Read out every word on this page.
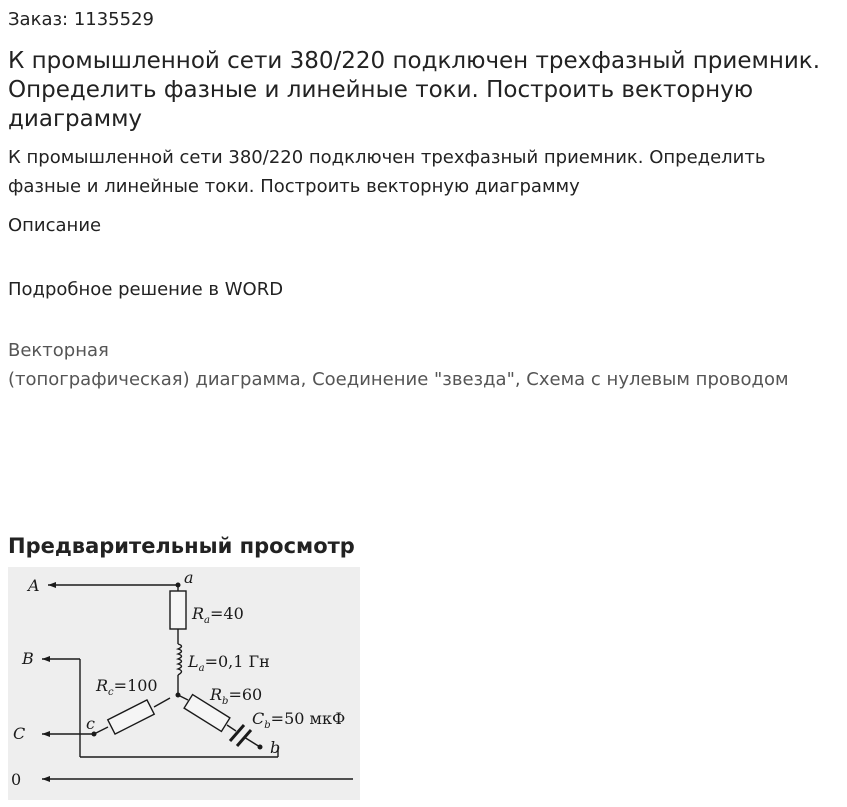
Заказ: 1135529
К промышленной сети 380/220 подключен трехфазный приемник. Определить фазные и линейные токи. Построить векторную диаграмму
К промышленной сети 380/220 подключен трехфазный приемник. Определить фазные и линейные токи. Построить векторную диаграмму
Описание
Подробное решение в WORD
Векторная
(топографическая) диаграмма, Соединение "звезда", Схема с нулевым проводом
Предварительный просмотр
A
B
C
0
a
b
c
$R_a=40$
$L_a=0,1$ Гн
$R_c=100$	$R_b=60$
$C_b=50$ мкФ
